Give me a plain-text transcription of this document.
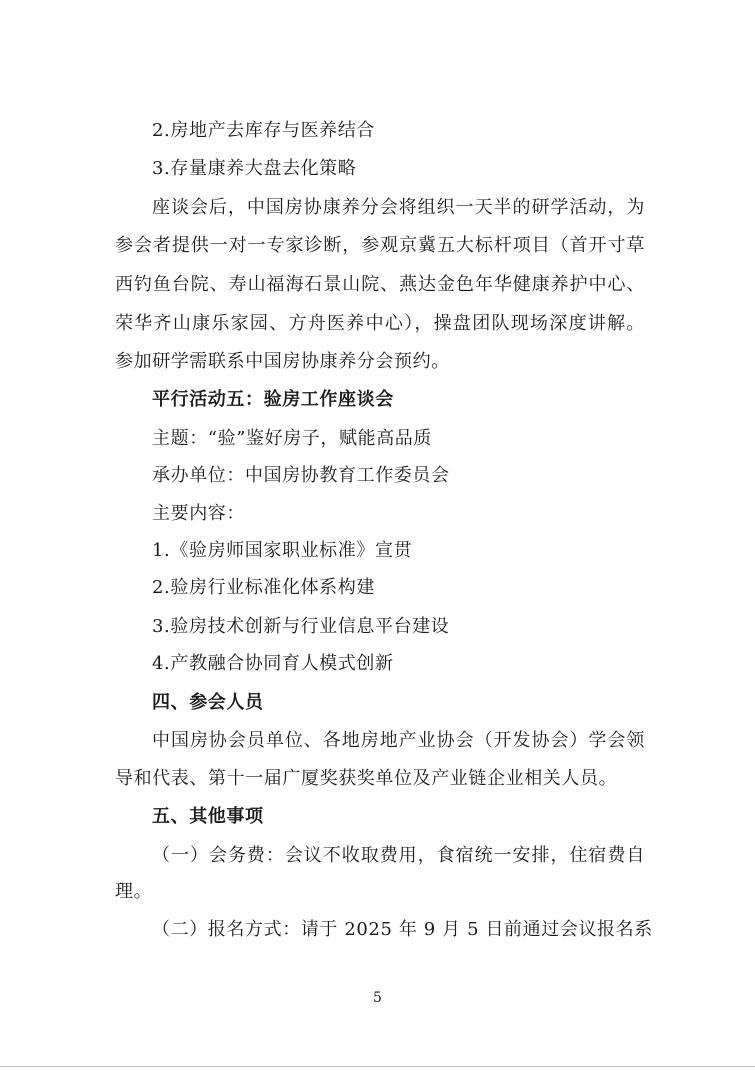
2.房地产去库存与医养结合
3.存量康养大盘去化策略
座谈会后，中国房协康养分会将组织一天半的研学活动，为
参会者提供一对一专家诊断，参观京冀五大标杆项目（首开寸草
西钓鱼台院、寿山福海石景山院、燕达金色年华健康养护中心、
荣华齐山康乐家园、方舟医养中心），操盘团队现场深度讲解。
参加研学需联系中国房协康养分会预约。
平行活动五：验房工作座谈会
主题：“验”鉴好房子，赋能高品质
承办单位：中国房协教育工作委员会
主要内容：
1.《验房师国家职业标准》宣贯
2.验房行业标准化体系构建
3.验房技术创新与行业信息平台建设
4.产教融合协同育人模式创新
四、参会人员
中国房协会员单位、各地房地产业协会（开发协会）学会领
导和代表、第十一届广厦奖获奖单位及产业链企业相关人员。
五、其他事项
（一）会务费：会议不收取费用，食宿统一安排，住宿费自
理。
（二）报名方式：请于 2025 年 9 月 5 日前通过会议报名系
5
